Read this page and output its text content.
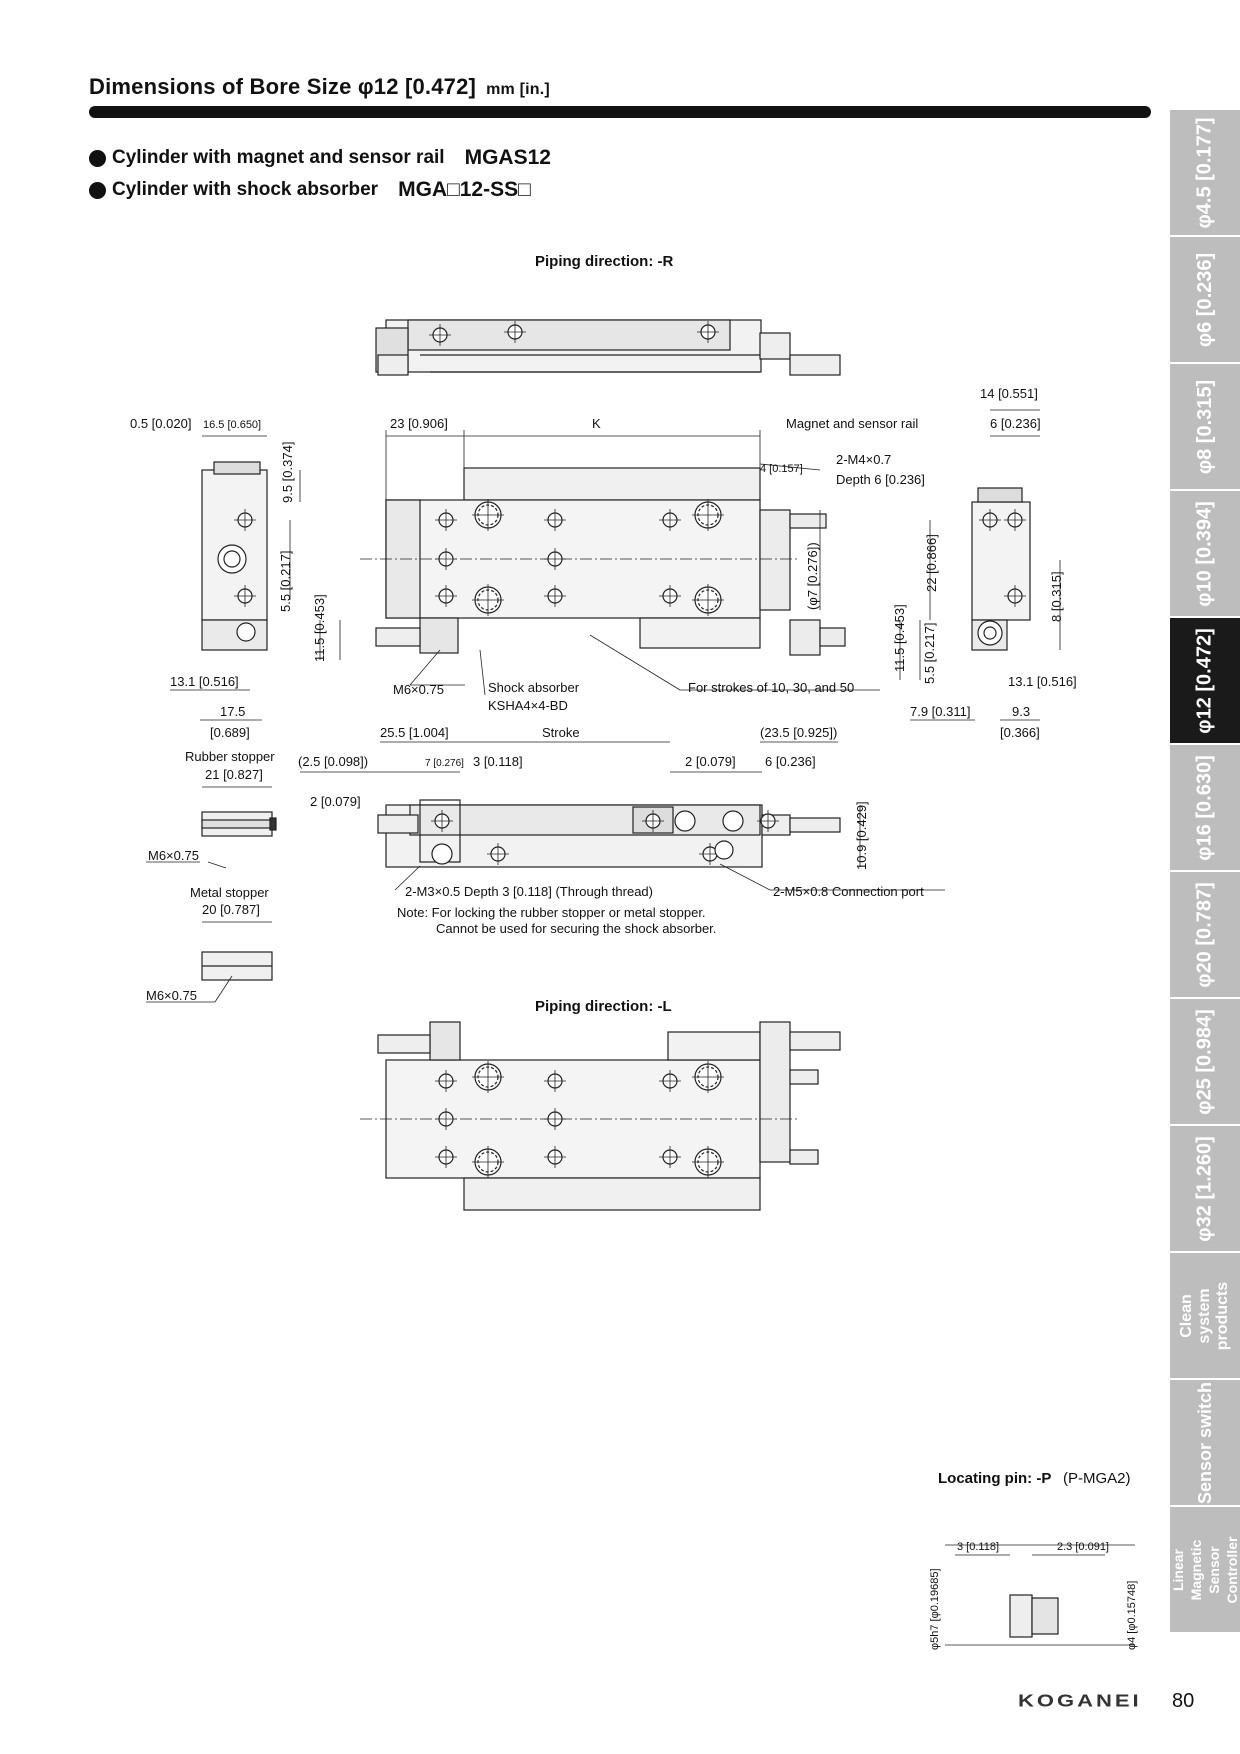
Dimensions of Bore Size φ12 [0.472] mm [in.]
Cylinder with magnet and sensor rail MGAS12
Cylinder with shock absorber MGA□12-SS□
Piping direction: -R
Piping direction: -L
0.5 [0.020] 16.5 [0.650]
9.5 [0.374]
5.5 [0.217]
11.5 [0.453]
13.1 [0.516]
17.5
[0.689]
23 [0.906]	K	Magnet and sensor rail
4 [0.157]
2-M4×0.7
Depth 6 [0.236]
(φ7 [0.276])
M6×0.75	Shock absorber
KSHA4×4-BD
For strokes of 10, 30, and 50
14 [0.551]
6 [0.236]
22 [0.866]
8 [0.315]
11.5 [0.453] 5.5 [0.217]	13.1 [0.516]
7.9 [0.311]	9.3
[0.366]
Rubber stopper
21 [0.827]
M6×0.75
Metal stopper
20 [0.787]
M6×0.75
25.5 [1.004]	Stroke	(23.5 [0.925])
(2.5 [0.098])	7 [0.276] 3 [0.118]	2 [0.079] 6 [0.236]
2 [0.079]	10.9 [0.429]
2-M3×0.5 Depth 3 [0.118] (Through thread)	2-M5×0.8 Connection port
Note: For locking the rubber stopper or metal stopper.
Cannot be used for securing the shock absorber.
Locating pin: -P (P-MGA2)
3 [0.118]	2.3 [0.091]
φ5h7 [φ0.19685]	φ4 [φ0.15748]
φ4.5 [0.177]
φ6 [0.236]
φ8 [0.315]
φ10 [0.394]
φ12 [0.472]
φ16 [0.630]
φ20 [0.787]
φ25 [0.984]
φ32 [1.260]
Clean system products
Sensor switch
Linear Magnetic Sensor Controller
KOGANEI 80
